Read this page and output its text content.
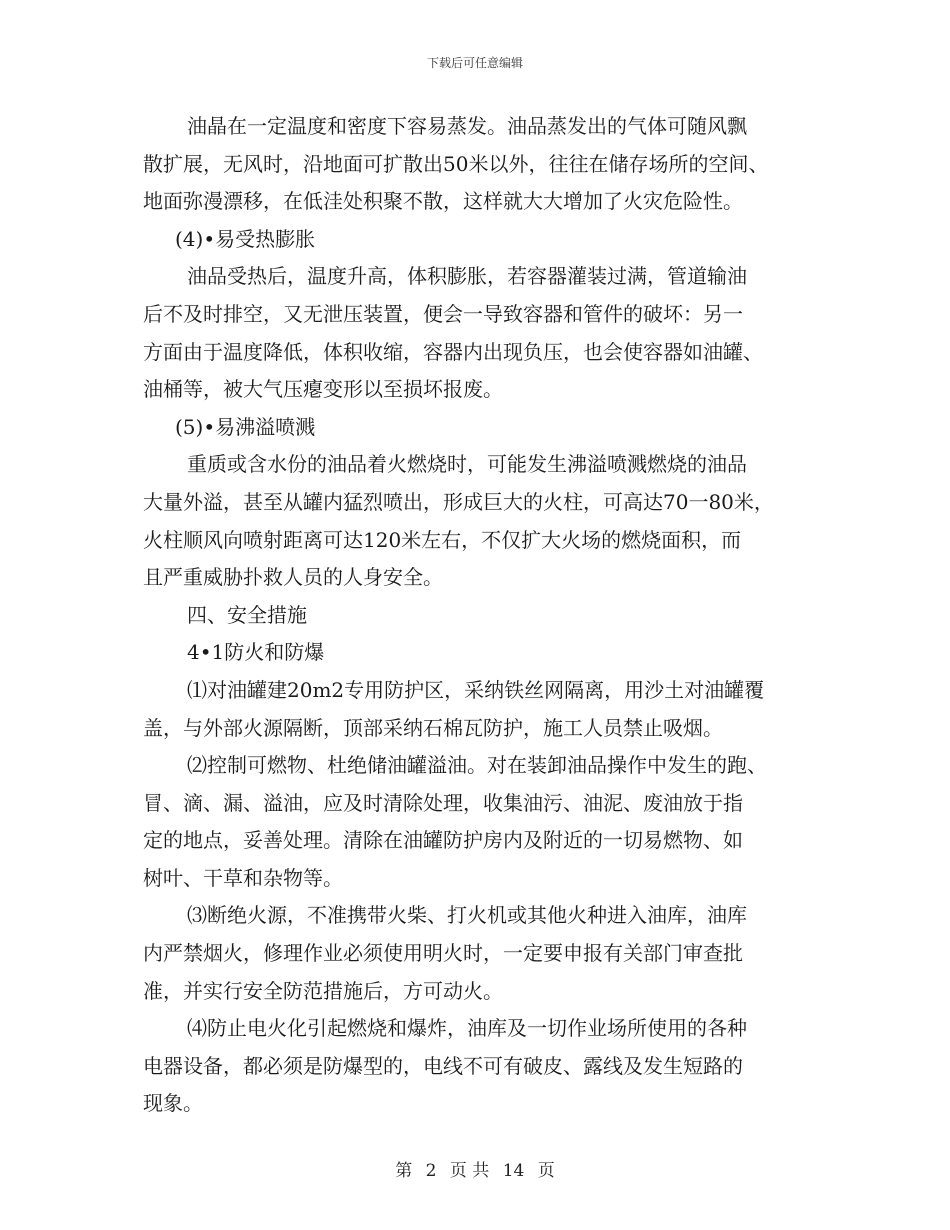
下载后可任意编辑
油晶在一定温度和密度下容易蒸发。油品蒸发出的气体可随风飘
散扩展，无风时，沿地面可扩散出50米以外，往往在储存场所的空间、
地面弥漫漂移，在低洼处积聚不散，这样就大大增加了火灾危险性。
(4)•易受热膨胀
油品受热后，温度升高，体积膨胀，若容器灌装过满，管道输油
后不及时排空，又无泄压装置，便会一导致容器和管件的破坏：另一
方面由于温度降低，体积收缩，容器内出现负压，也会使容器如油罐、
油桶等，被大气压瘪变形以至损坏报废。
(5)•易沸溢喷溅
重质或含水份的油品着火燃烧时，可能发生沸溢喷溅燃烧的油品
大量外溢，甚至从罐内猛烈喷出，形成巨大的火柱，可高达70一80米，
火柱顺风向喷射距离可达120米左右，不仅扩大火场的燃烧面积，而
且严重威胁扑救人员的人身安全。
四、安全措施
4•1防火和防爆
⑴对油罐建20m2专用防护区，采纳铁丝网隔离，用沙土对油罐覆
盖，与外部火源隔断，顶部采纳石棉瓦防护，施工人员禁止吸烟。
⑵控制可燃物、杜绝储油罐溢油。对在装卸油品操作中发生的跑、
冒、滴、漏、溢油，应及时清除处理，收集油污、油泥、废油放于指
定的地点，妥善处理。清除在油罐防护房内及附近的一切易燃物、如
树叶、干草和杂物等。
⑶断绝火源，不准携带火柴、打火机或其他火种进入油库，油库
内严禁烟火，修理作业必须使用明火时，一定要申报有关部门审查批
准，并实行安全防范措施后，方可动火。
⑷防止电火化引起燃烧和爆炸，油库及一切作业场所使用的各种
电器设备，都必须是防爆型的，电线不可有破皮、露线及发生短路的
现象。
第 2 页 共 14 页
